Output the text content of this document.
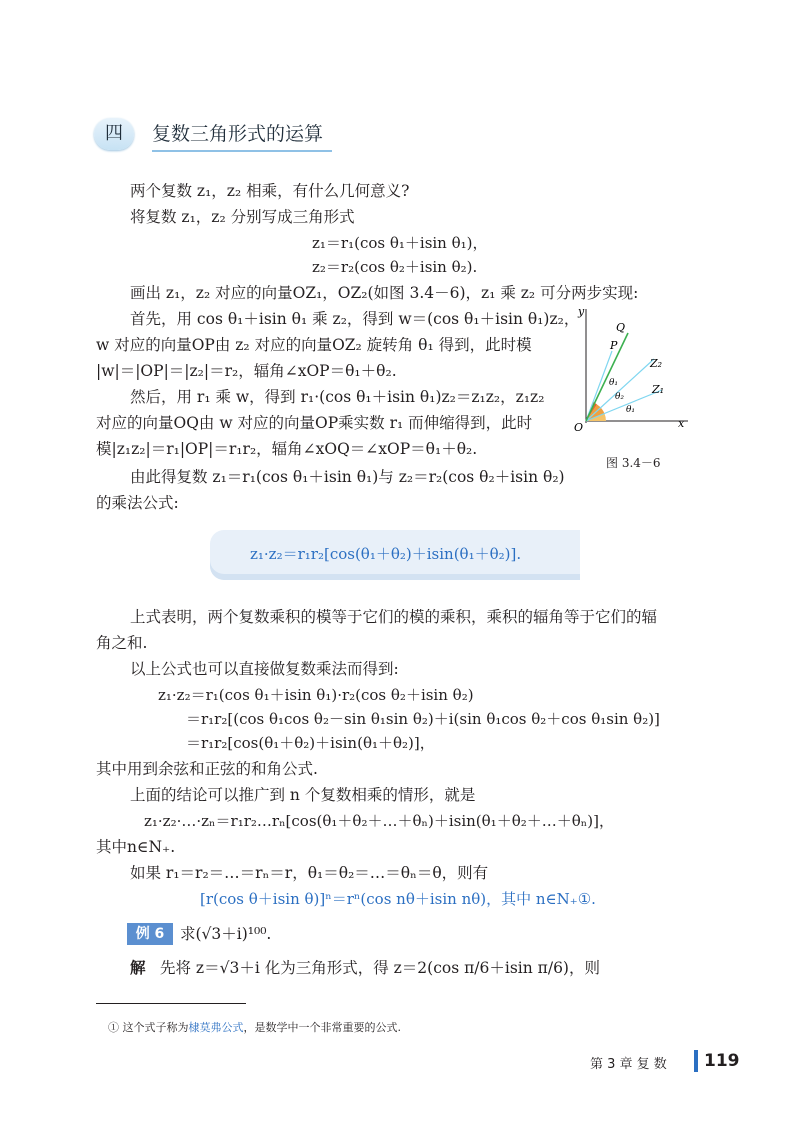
四	复数三角形式的运算
两个复数 z₁，z₂ 相乘，有什么几何意义?
将复数 z₁，z₂ 分别写成三角形式
z₁＝r₁(cos θ₁＋isin θ₁)，
z₂＝r₂(cos θ₂＋isin θ₂).
画出 z₁，z₂ 对应的向量OZ₁，OZ₂(如图 3.4－6)，z₁ 乘 z₂ 可分两步实现:
首先，用 cos θ₁＋isin θ₁ 乘 z₂，得到 w＝(cos θ₁＋isin θ₁)z₂，
w 对应的向量OP由 z₂ 对应的向量OZ₂ 旋转角 θ₁ 得到，此时模
|w|＝|OP|＝|z₂|＝r₂，辐角∠xOP＝θ₁＋θ₂.
然后，用 r₁ 乘 w，得到 r₁·(cos θ₁＋isin θ₁)z₂＝z₁z₂，z₁z₂
对应的向量OQ由 w 对应的向量OP乘实数 r₁ 而伸缩得到，此时
模|z₁z₂|＝r₁|OP|＝r₁r₂，辐角∠xOQ＝∠xOP＝θ₁＋θ₂.
由此得复数 z₁＝r₁(cos θ₁＋isin θ₁)与 z₂＝r₂(cos θ₂＋isin θ₂)
的乘法公式:
y
x
O
Q
P
Z₂
Z₁
θ₁
θ₂
θ₁
图 3.4－6
z₁·z₂＝r₁r₂[cos(θ₁＋θ₂)＋isin(θ₁＋θ₂)].
上式表明，两个复数乘积的模等于它们的模的乘积，乘积的辐角等于它们的辐
角之和.
以上公式也可以直接做复数乘法而得到:
z₁·z₂＝r₁(cos θ₁＋isin θ₁)·r₂(cos θ₂＋isin θ₂)
＝r₁r₂[(cos θ₁cos θ₂－sin θ₁sin θ₂)＋i(sin θ₁cos θ₂＋cos θ₁sin θ₂)]
＝r₁r₂[cos(θ₁＋θ₂)＋isin(θ₁＋θ₂)]，
其中用到余弦和正弦的和角公式.
上面的结论可以推广到 n 个复数相乘的情形，就是
z₁·z₂·…·zₙ＝r₁r₂…rₙ[cos(θ₁＋θ₂＋…＋θₙ)＋isin(θ₁＋θ₂＋…＋θₙ)]，
其中n∈N₊.
如果 r₁＝r₂＝…＝rₙ＝r，θ₁＝θ₂＝…＝θₙ＝θ，则有
[r(cos θ＋isin θ)]ⁿ＝rⁿ(cos nθ＋isin nθ)，其中 n∈N₊①.
例 6	求(√3＋i)¹⁰⁰.
解 先将 z＝√3＋i 化为三角形式，得 z＝2(cos π/6＋isin π/6)，则
① 这个式子称为棣莫弗公式，是数学中一个非常重要的公式.
第 3 章 复 数 119
